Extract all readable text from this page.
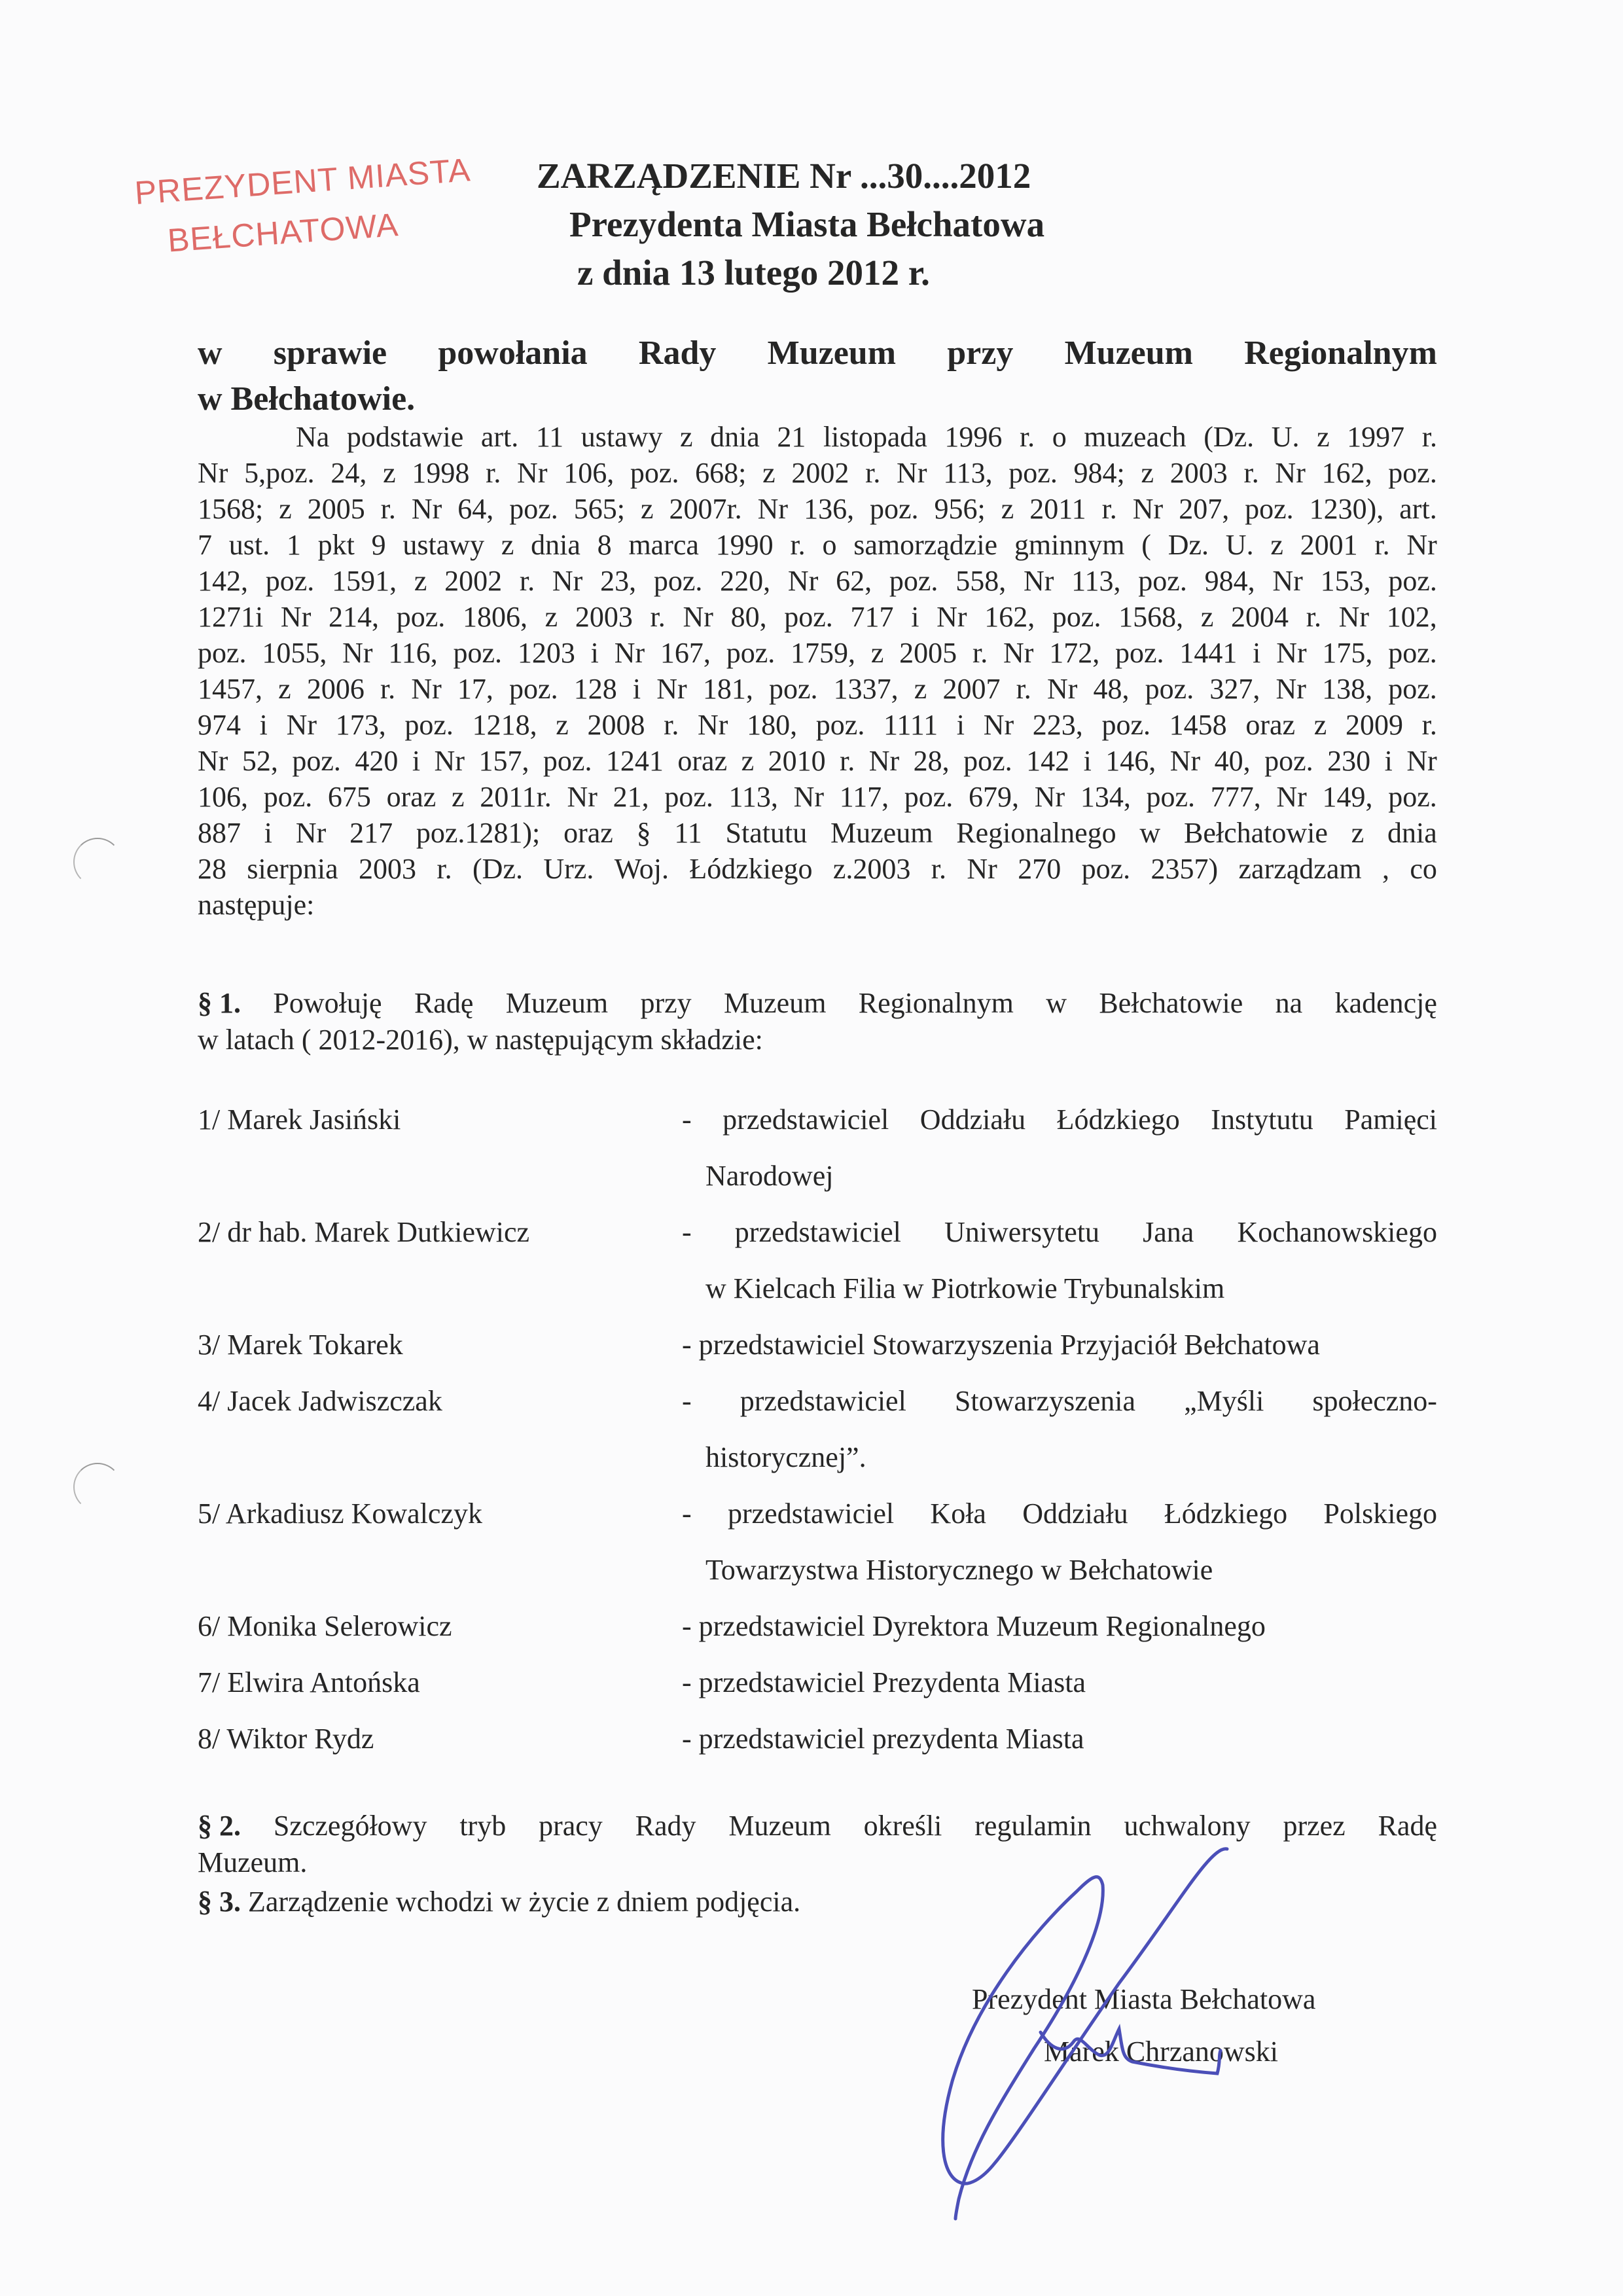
PREZYDENT MIASTA
BEŁCHATOWA
ZARZĄDZENIE Nr ...30....2012
Prezydenta Miasta Bełchatowa
z dnia 13 lutego 2012 r.
w sprawie powołania Rady Muzeum przy Muzeum Regionalnym
w Bełchatowie.
Na podstawie art. 11 ustawy z dnia 21 listopada 1996 r. o muzeach (Dz. U. z 1997 r.
Nr 5,poz. 24, z 1998 r. Nr 106, poz. 668; z 2002 r. Nr 113, poz. 984; z 2003 r. Nr 162, poz.
1568; z 2005 r. Nr 64, poz. 565; z 2007r. Nr 136, poz. 956; z 2011 r. Nr 207, poz. 1230), art.
7 ust. 1 pkt 9 ustawy z dnia 8 marca 1990 r. o samorządzie gminnym ( Dz. U. z 2001 r. Nr
142, poz. 1591, z 2002 r. Nr 23, poz. 220, Nr 62, poz. 558, Nr 113, poz. 984, Nr 153, poz.
1271i Nr 214, poz. 1806, z 2003 r. Nr 80, poz. 717 i Nr 162, poz. 1568, z 2004 r. Nr 102,
poz. 1055, Nr 116, poz. 1203 i Nr 167, poz. 1759, z 2005 r. Nr 172, poz. 1441 i Nr 175, poz.
1457, z 2006 r. Nr 17, poz. 128 i Nr 181, poz. 1337, z 2007 r. Nr 48, poz. 327, Nr 138, poz.
974 i Nr 173, poz. 1218, z 2008 r. Nr 180, poz. 1111 i Nr 223, poz. 1458 oraz z 2009 r.
Nr 52, poz. 420 i Nr 157, poz. 1241 oraz z 2010 r. Nr 28, poz. 142 i 146, Nr 40, poz. 230 i Nr
106, poz. 675 oraz z 2011r. Nr 21, poz. 113, Nr 117, poz. 679, Nr 134, poz. 777, Nr 149, poz.
887 i Nr 217 poz.1281); oraz § 11 Statutu Muzeum Regionalnego w Bełchatowie z dnia
28 sierpnia 2003 r. (Dz. Urz. Woj. Łódzkiego z.2003 r. Nr 270 poz. 2357) zarządzam , co
następuje:
§ 1. Powołuję Radę Muzeum przy Muzeum Regionalnym w Bełchatowie na kadencję
w latach ( 2012-2016), w następującym składzie:
1/ Marek Jasiński	- przedstawiciel Oddziału Łódzkiego Instytutu Pamięci
Narodowej
2/ dr hab. Marek Dutkiewicz	- przedstawiciel Uniwersytetu Jana Kochanowskiego
w Kielcach Filia w Piotrkowie Trybunalskim
3/ Marek Tokarek	- przedstawiciel Stowarzyszenia Przyjaciół Bełchatowa
4/ Jacek Jadwiszczak	- przedstawiciel Stowarzyszenia „Myśli społeczno-
historycznej”.
5/ Arkadiusz Kowalczyk	- przedstawiciel Koła Oddziału Łódzkiego Polskiego
Towarzystwa Historycznego w Bełchatowie
6/ Monika Selerowicz	- przedstawiciel Dyrektora Muzeum Regionalnego
7/ Elwira Antońska	- przedstawiciel Prezydenta Miasta
8/ Wiktor Rydz	- przedstawiciel prezydenta Miasta
§ 2. Szczegółowy tryb pracy Rady Muzeum określi regulamin uchwalony przez Radę
Muzeum.
§ 3. Zarządzenie wchodzi w życie z dniem podjęcia.
Prezydent Miasta Bełchatowa
Marek Chrzanowski
